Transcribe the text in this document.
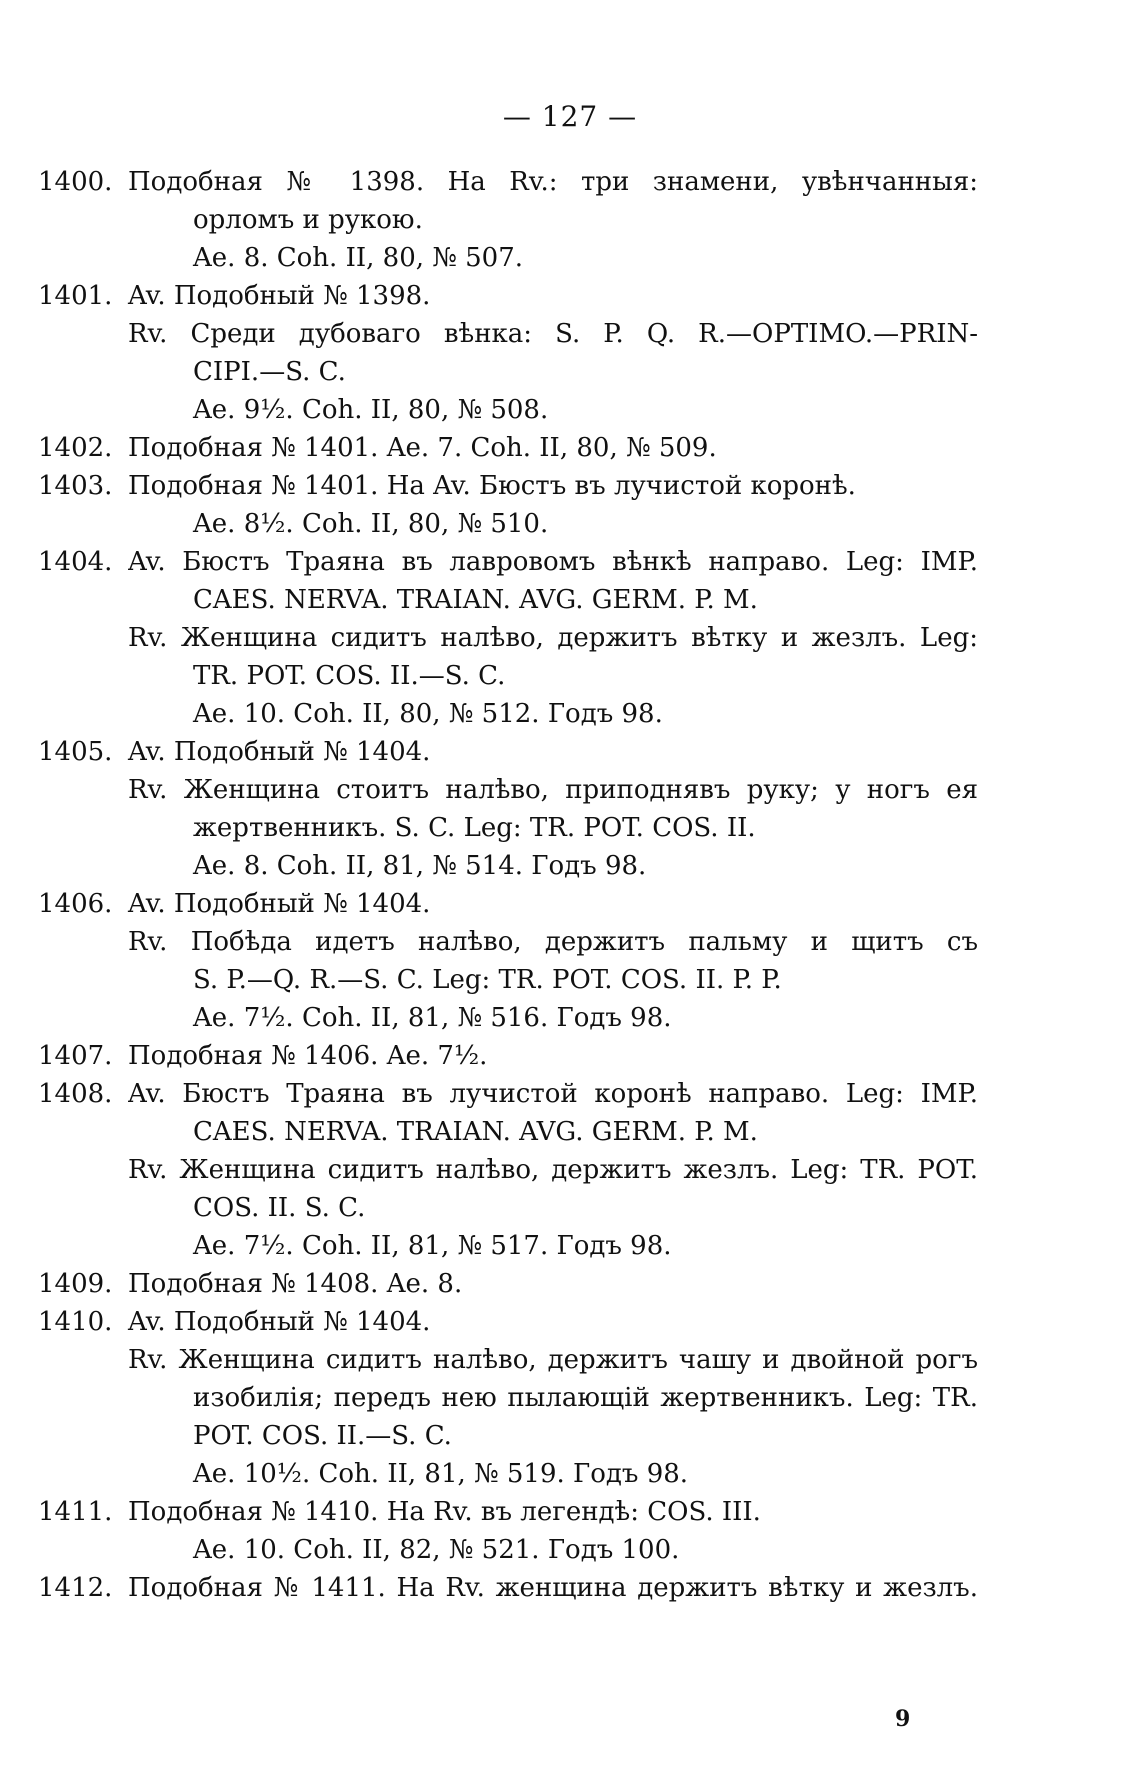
— 127 —
1400. Подобная № 1398. На Rv.: три знамени, увѣнчанныя:
орломъ и рукою.
Ae. 8. Coh. II, 80, № 507.
1401. Av. Подобный № 1398.
Rv. Среди дубоваго вѣнка: S. P. Q. R.—OPTIMO.—PRIN-
CIPI.—S. C.
Ae. 9½. Coh. II, 80, № 508.
1402. Подобная № 1401. Ae. 7. Coh. II, 80, № 509.
1403. Подобная № 1401. На Av. Бюстъ въ лучистой коронѣ.
Ae. 8½. Coh. II, 80, № 510.
1404. Av. Бюстъ Траяна въ лавровомъ вѣнкѣ направо. Leg: IMP.
CAES. NERVA. TRAIAN. AVG. GERM. P. M.
Rv. Женщина сидитъ налѣво, держитъ вѣтку и жезлъ. Leg:
TR. POT. COS. II.—S. C.
Ae. 10. Coh. II, 80, № 512. Годъ 98.
1405. Av. Подобный № 1404.
Rv. Женщина стоитъ налѣво, приподнявъ руку; у ногъ ея
жертвенникъ. S. C. Leg: TR. POT. COS. II.
Ae. 8. Coh. II, 81, № 514. Годъ 98.
1406. Av. Подобный № 1404.
Rv. Побѣда идетъ налѣво, держитъ пальму и щитъ съ
S. P.—Q. R.—S. C. Leg: TR. POT. COS. II. P. P.
Ae. 7½. Coh. II, 81, № 516. Годъ 98.
1407. Подобная № 1406. Ae. 7½.
1408. Av. Бюстъ Траяна въ лучистой коронѣ направо. Leg: IMP.
CAES. NERVA. TRAIAN. AVG. GERM. P. M.
Rv. Женщина сидитъ налѣво, держитъ жезлъ. Leg: TR. POT.
COS. II. S. C.
Ae. 7½. Coh. II, 81, № 517. Годъ 98.
1409. Подобная № 1408. Ae. 8.
1410. Av. Подобный № 1404.
Rv. Женщина сидитъ налѣво, держитъ чашу и двойной рогъ
изобилія; передъ нею пылающій жертвенникъ. Leg: TR.
POT. COS. II.—S. C.
Ae. 10½. Coh. II, 81, № 519. Годъ 98.
1411. Подобная № 1410. На Rv. въ легендѣ: COS. III.
Ae. 10. Coh. II, 82, № 521. Годъ 100.
1412. Подобная № 1411. На Rv. женщина держитъ вѣтку и жезлъ.
9
